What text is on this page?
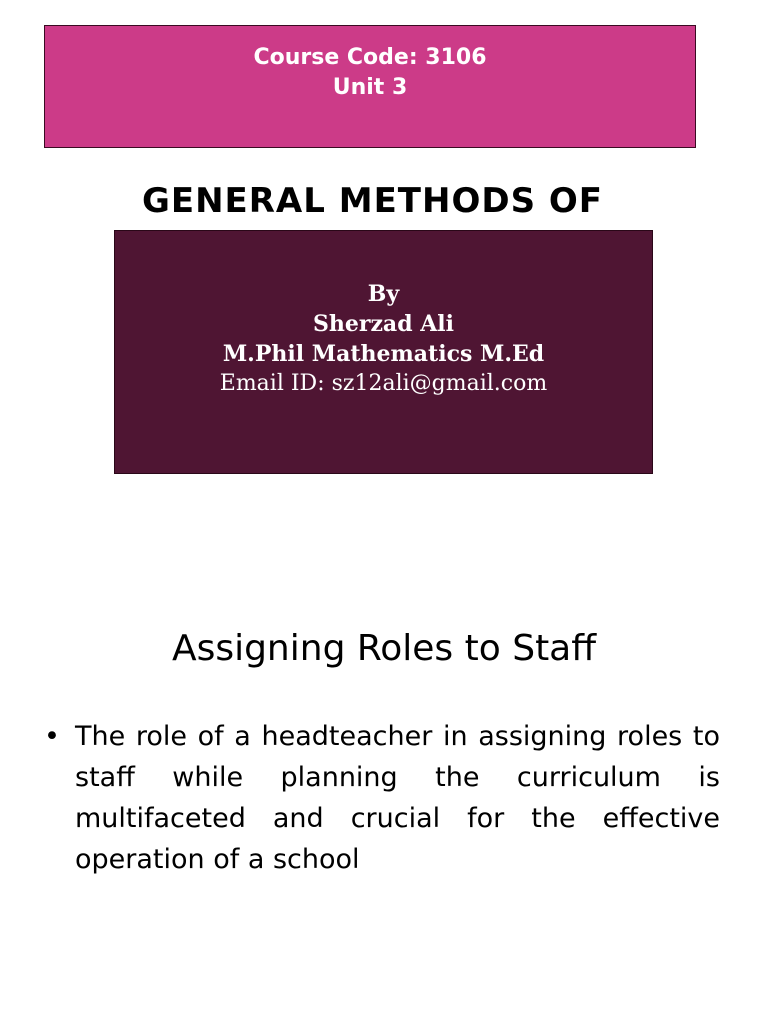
Course Code: 3106
Unit 3
GENERAL METHODS OF
By
Sherzad Ali
M.Phil Mathematics M.Ed
Email ID: sz12ali@gmail.com
Assigning Roles to Staff
• The role of a headteacher in assigning roles to staff while planning the curriculum is multifaceted and crucial for the effective operation of a school
